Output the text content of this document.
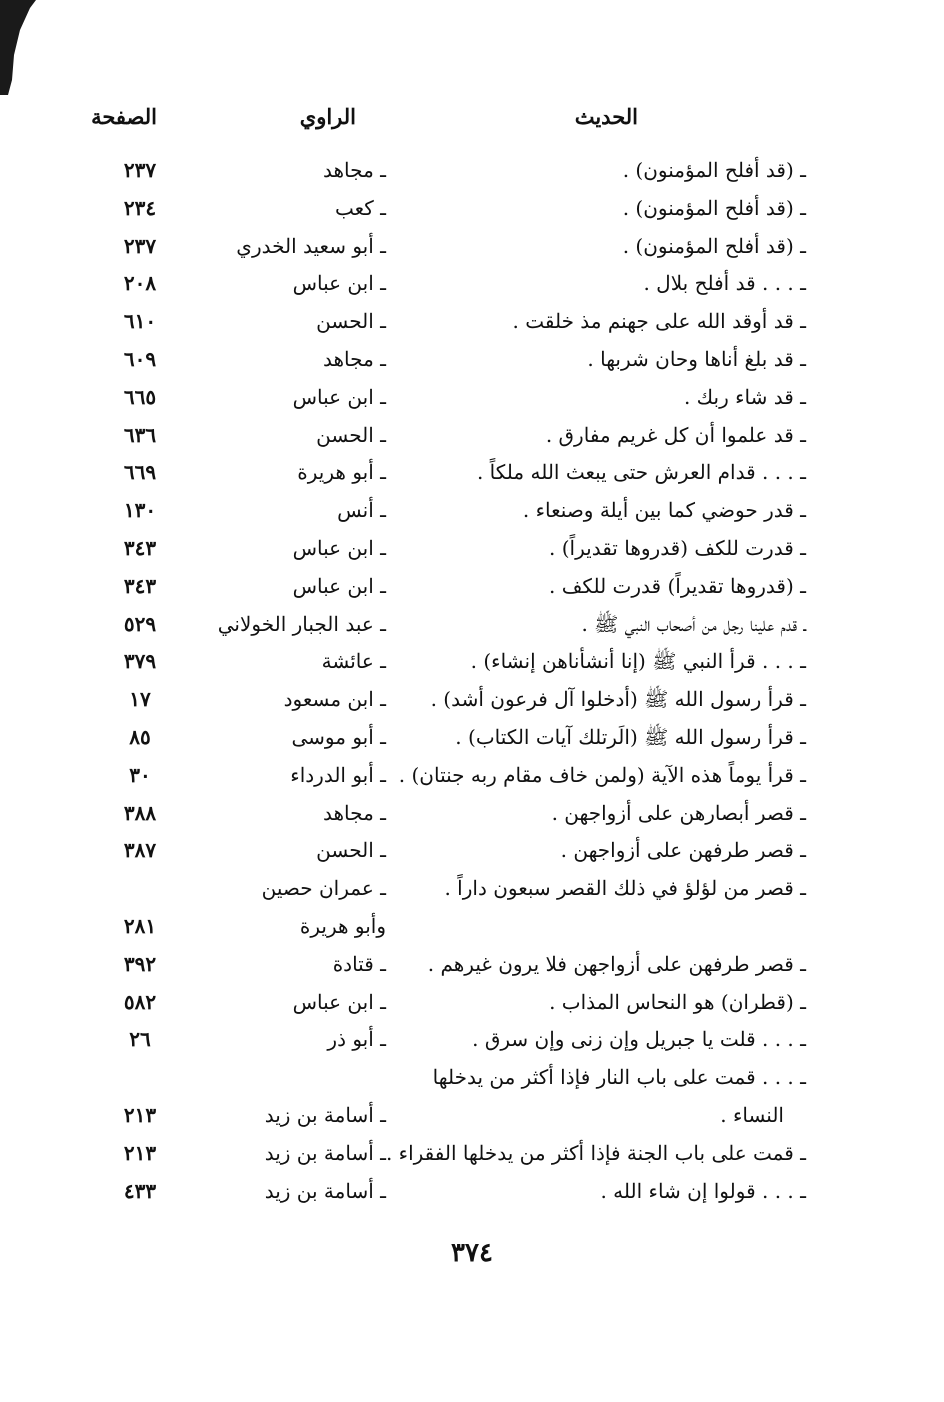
الحديث
الراوي
الصفحة
ـ (قد أفلح المؤمنون) .
ـ مجاهد
٢٣٧
ـ (قد أفلح المؤمنون) .
ـ كعب
٢٣٤
ـ (قد أفلح المؤمنون) .
ـ أبو سعيد الخدري
٢٣٧
ـ . . . قد أفلح بلال .
ـ ابن عباس
٢٠٨
ـ قد أوقد الله على جهنم مذ خلقت .
ـ الحسن
٦١٠
ـ قد بلغ أناها وحان شربها .
ـ مجاهد
٦٠٩
ـ قد شاء ربك .
ـ ابن عباس
٦٦٥
ـ قد علموا أن كل غريم مفارق .
ـ الحسن
٦٣٦
ـ . . . قدام العرش حتى يبعث الله ملكاً .
ـ أبو هريرة
٦٦٩
ـ قدر حوضي كما بين أيلة وصنعاء .
ـ أنس
١٣٠
ـ قدرت للكف (قدروها تقديراً) .
ـ ابن عباس
٣٤٣
ـ (قدروها تقديراً) قدرت للكف .
ـ ابن عباس
٣٤٣
ـ قدم علينا رجل من أصحاب النبي ﷺ .
ـ عبد الجبار الخولاني
٥٢٩
ـ . . . قرأ النبي ﷺ (إنا أنشأناهن إنشاء) .
ـ عائشة
٣٧٩
ـ قرأ رسول الله ﷺ (أدخلوا آل فرعون أشد) .
ـ ابن مسعود
١٧
ـ قرأ رسول الله ﷺ (الَرتلك آيات الكتاب) .
ـ أبو موسى
٨٥
ـ قرأ يوماً هذه الآية (ولمن خاف مقام ربه جنتان) .
ـ أبو الدرداء
٣٠
ـ قصر أبصارهن على أزواجهن .
ـ مجاهد
٣٨٨
ـ قصر طرفهن على أزواجهن .
ـ الحسن
٣٨٧
ـ قصر من لؤلؤ في ذلك القصر سبعون داراً .
ـ عمران حصين
وأبو هريرة
٢٨١
ـ قصر طرفهن على أزواجهن فلا يرون غيرهم .
ـ قتادة
٣٩٢
ـ (قطران) هو النحاس المذاب .
ـ ابن عباس
٥٨٢
ـ . . . قلت يا جبريل وإن زنى وإن سرق .
ـ أبو ذر
٢٦
ـ . . . قمت على باب النار فإذا أكثر من يدخلها
النساء .
ـ أسامة بن زيد
٢١٣
ـ قمت على باب الجنة فإذا أكثر من يدخلها الفقراء .
ـ أسامة بن زيد
٢١٣
ـ . . . قولوا إن شاء الله .
ـ أسامة بن زيد
٤٣٣
٣٧٤
